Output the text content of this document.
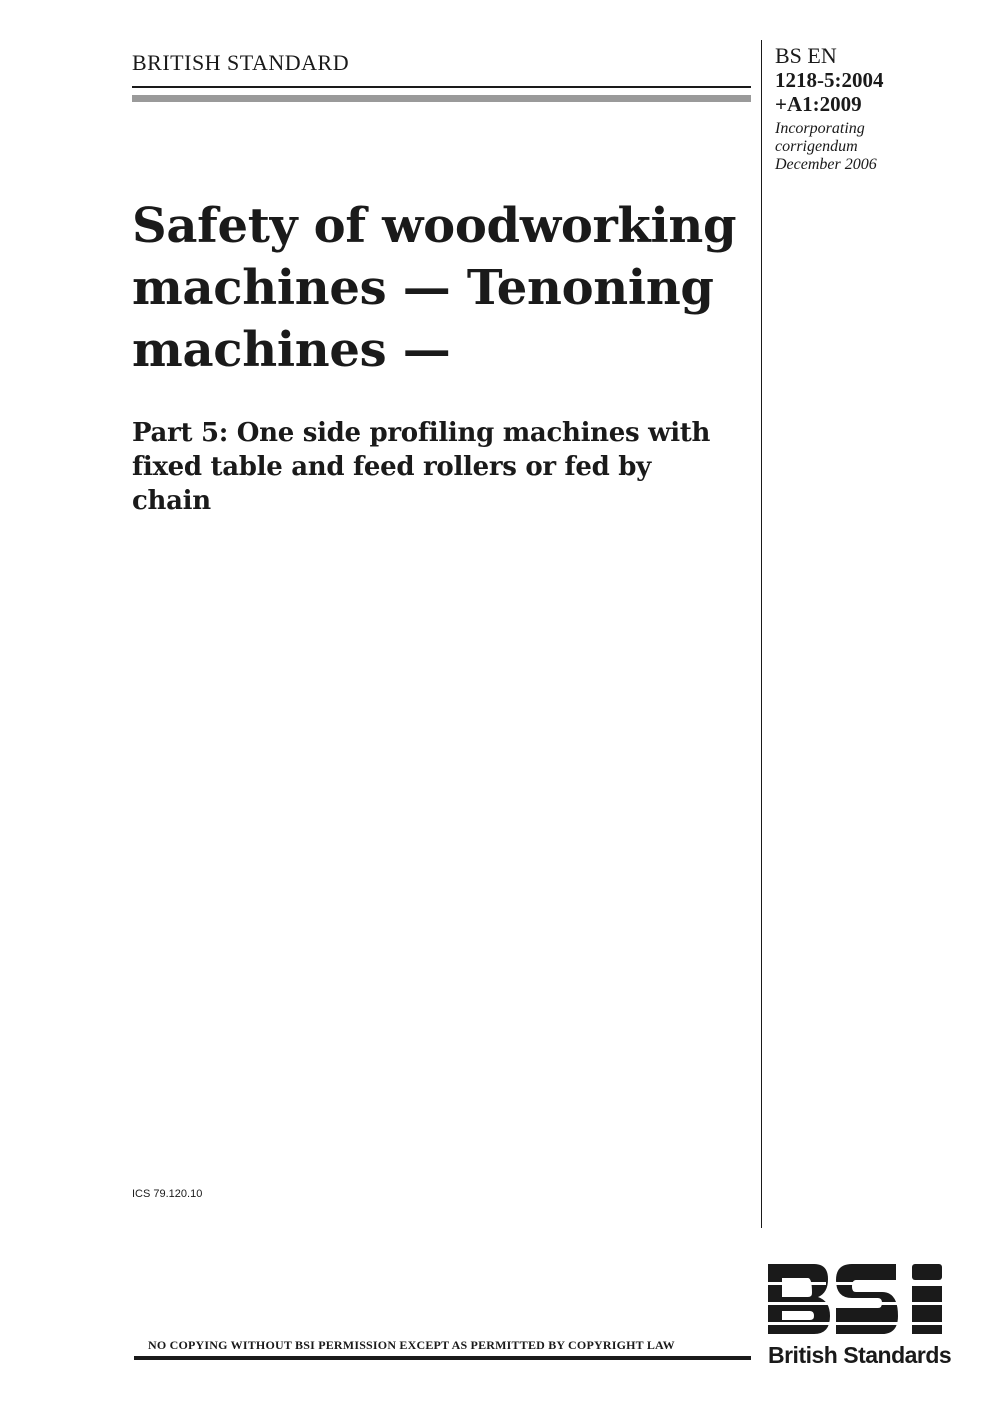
BRITISH STANDARD	BS EN
1218-5:2004
+A1:2009
Incorporating
corrigendum
December 2006
Safety of woodworking
machines — Tenoning
machines —
Part 5: One side profiling machines with
fixed table and feed rollers or fed by
chain
ICS 79.120.10
NO COPYING WITHOUT BSI PERMISSION EXCEPT AS PERMITTED BY COPYRIGHT LAW	British Standards
